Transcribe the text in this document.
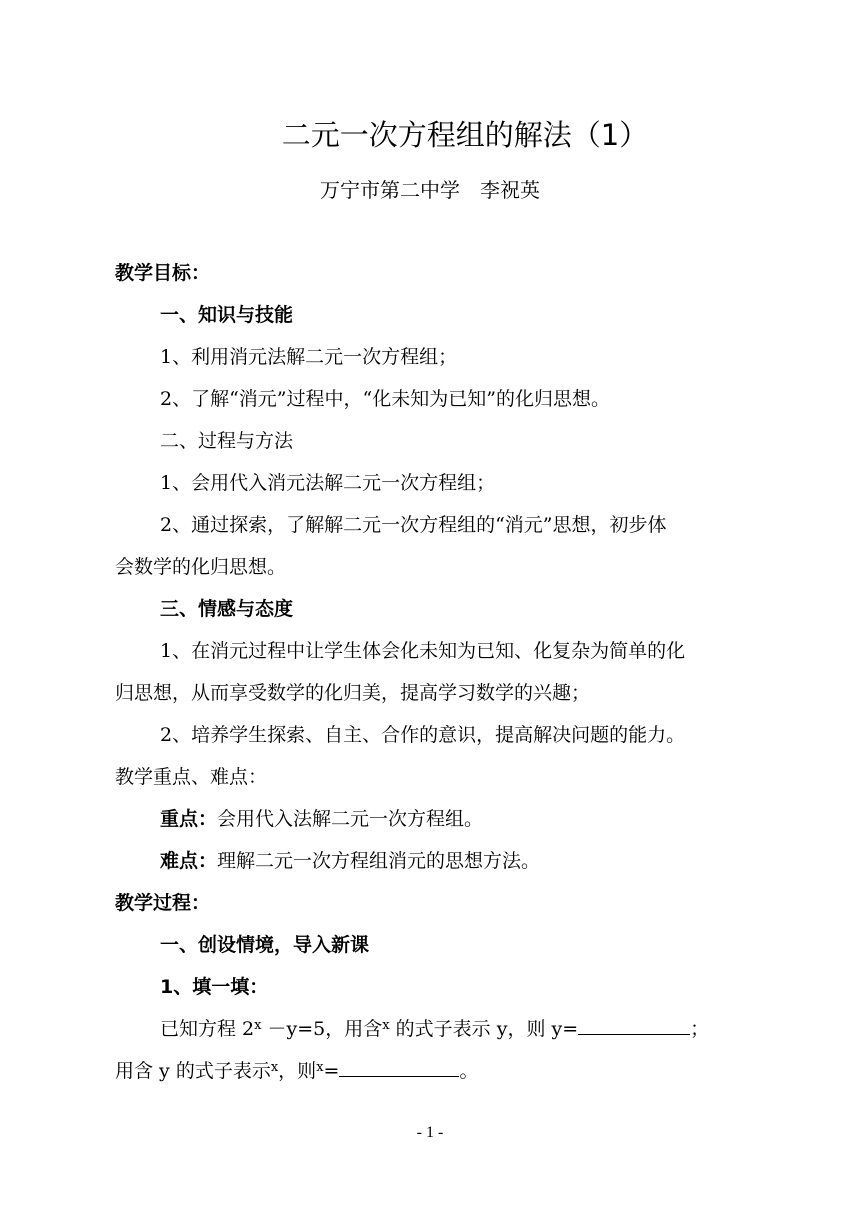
二元一次方程组的解法（1）
万宁市第二中学　李祝英
教学目标：
一、知识与技能
1、利用消元法解二元一次方程组；
2、了解“消元”过程中，“化未知为已知”的化归思想。
二、过程与方法
1、会用代入消元法解二元一次方程组；
2、通过探索，了解解二元一次方程组的“消元”思想，初步体
会数学的化归思想。
三、情感与态度
1、在消元过程中让学生体会化未知为已知、化复杂为简单的化
归思想，从而享受数学的化归美，提高学习数学的兴趣；
2、培养学生探索、自主、合作的意识，提高解决问题的能力。
教学重点、难点：
重点：会用代入法解二元一次方程组。
难点：理解二元一次方程组消元的思想方法。
教学过程：
一、创设情境，导入新课
1、填一填：
已知方程 $2^x -y=5$，用含$^x$ 的式子表示 y，则 y=	；
用含 y 的式子表示$^x$，则$^x$=	。
- 1 -
